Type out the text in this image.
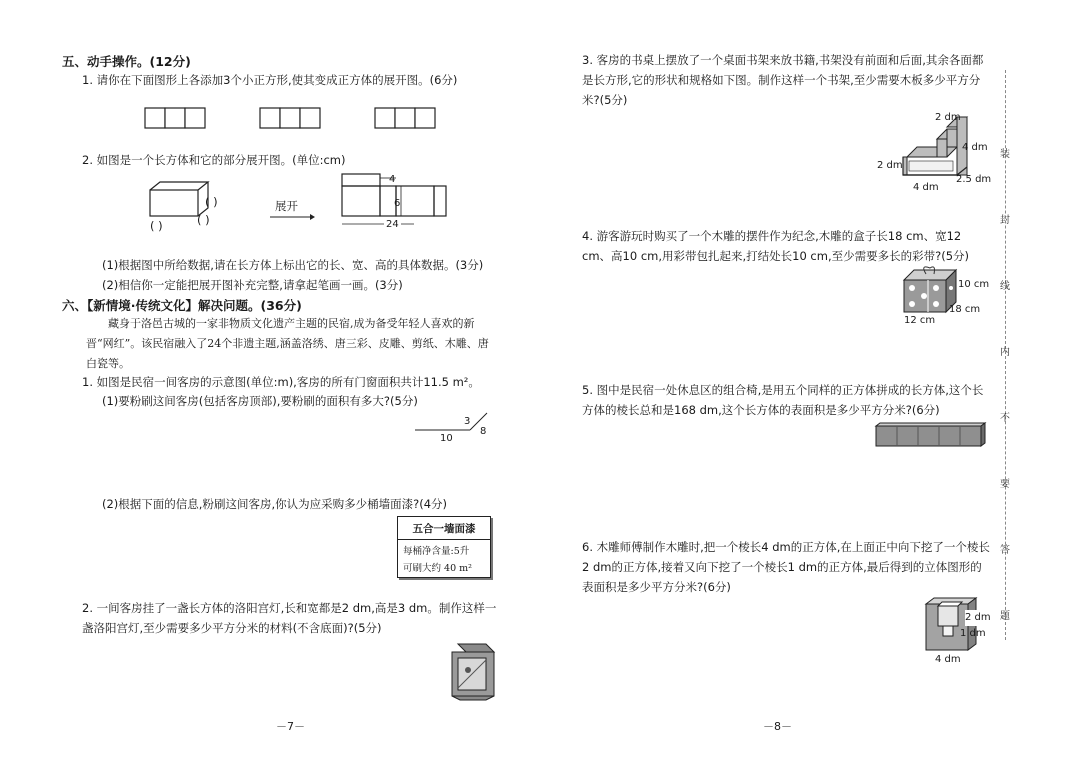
五、动手操作。(12分)
1. 请你在下面图形上各添加3个小正方形,使其变成正方体的展开图。(6分)
2. 如图是一个长方体和它的部分展开图。(单位:cm)
( )
( )
( )
展开
4
6
24
(1)根据图中所给数据,请在长方体上标出它的长、宽、高的具体数据。(3分)
(2)相信你一定能把展开图补充完整,请拿起笔画一画。(3分)
六、【新情境·传统文化】解决问题。(36分)
藏身于洛邑古城的一家非物质文化遗产主题的民宿,成为备受年轻人喜欢的新晋“网红”。该民宿融入了24个非遗主题,涵盖洛绣、唐三彩、皮雕、剪纸、木雕、唐白瓷等。
1. 如图是民宿一间客房的示意图(单位:m),客房的所有门窗面积共计11.5 m²。
(1)要粉刷这间客房(包括客房顶部),要粉刷的面积有多大?(5分)
3
8
10
(2)根据下面的信息,粉刷这间客房,你认为应采购多少桶墙面漆?(4分)
五合一墙面漆
每桶净含量:5升
可刷大约 40 m²
2. 一间客房挂了一盏长方体的洛阳宫灯,长和宽都是2 dm,高是3 dm。制作这样一盏洛阳宫灯,至少需要多少平方分米的材料(不含底面)?(5分)
－7－
3. 客房的书桌上摆放了一个桌面书架来放书籍,书架没有前面和后面,其余各面都是长方形,它的形状和规格如下图。制作这样一个书架,至少需要木板多少平方分米?(5分)
2 dm
4 dm
2 dm
4 dm
2.5 dm
4. 游客游玩时购买了一个木雕的摆件作为纪念,木雕的盒子长18 cm、宽12 cm、高10 cm,用彩带包扎起来,打结处长10 cm,至少需要多长的彩带?(5分)
10 cm
18 cm
12 cm
5. 图中是民宿一处休息区的组合椅,是用五个同样的正方体拼成的长方体,这个长方体的棱长总和是168 dm,这个长方体的表面积是多少平方分米?(6分)
6. 木雕师傅制作木雕时,把一个棱长4 dm的正方体,在上面正中向下挖了一个棱长2 dm的正方体,接着又向下挖了一个棱长1 dm的正方体,最后得到的立体图形的表面积是多少平方分米?(6分)
2 dm
1 dm
4 dm
－8－
装
封
线
内
不
要
答
题
